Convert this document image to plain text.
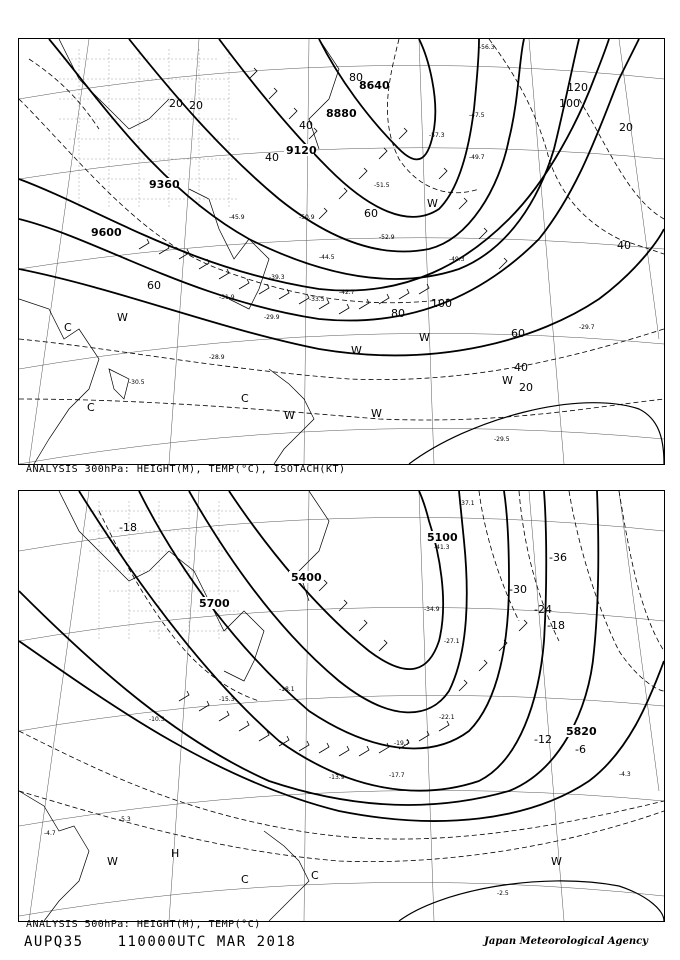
9600
9360
9120
8880
8640
20
40
60
80
100
120
20
40
60
80
100
20
40
60
20
40
C
C
C
W
W
W
W
W	W
W
-51.5
-52.9
-49.3
-47.5
-57.3
-56.3
-49.7
-50.9
-45.9
-44.5
-42.7
-39.3
-33.5
-31.9
-29.9
-28.9
-30.5
-29.7
-29.5
ANALYSIS 300hPa: HEIGHT(M), TEMP(°C), ISOTACH(KT)
5100
5400
5700
5820
-18
-36
-30
-24
-18
-12
-6
C	C
H
W	W
-37.1
-41.3
-34.9
-27.1
-22.1
-18.1
-15.3
-10.3
-13.9	-17.7
-19.7
-4.3
-2.5
-5.3
-4.7
ANALYSIS 500hPa: HEIGHT(M), TEMP(°C)
AUPQ35 110000UTC MAR 2018	Japan Meteorological Agency
